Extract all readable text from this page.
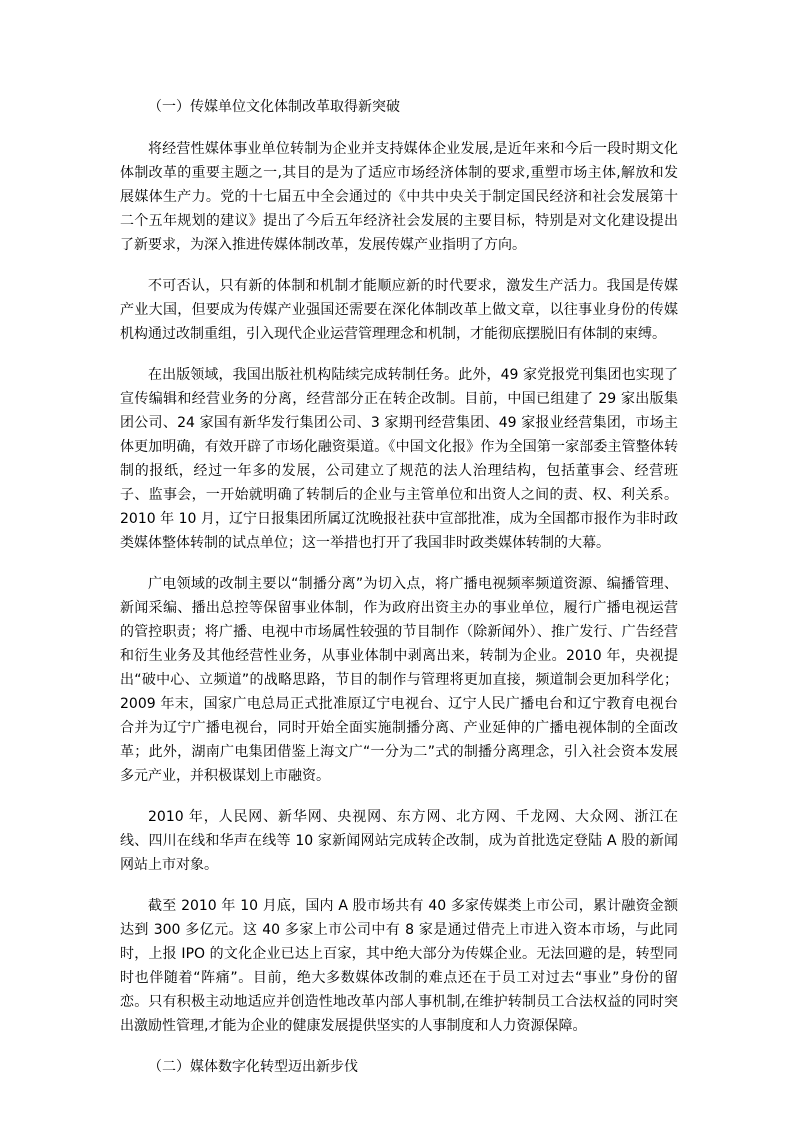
（一）传媒单位文化体制改革取得新突破

将经营性媒体事业单位转制为企业并支持媒体企业发展,是近年来和今后一段时期文化体制改革的重要主题之一,其目的是为了适应市场经济体制的要求,重塑市场主体,解放和发展媒体生产力。党的十七届五中全会通过的《中共中央关于制定国民经济和社会发展第十二个五年规划的建议》提出了今后五年经济社会发展的主要目标，特别是对文化建设提出了新要求，为深入推进传媒体制改革，发展传媒产业指明了方向。

不可否认，只有新的体制和机制才能顺应新的时代要求，激发生产活力。我国是传媒产业大国，但要成为传媒产业强国还需要在深化体制改革上做文章，以往事业身份的传媒机构通过改制重组，引入现代企业运营管理理念和机制，才能彻底摆脱旧有体制的束缚。

在出版领域，我国出版社机构陆续完成转制任务。此外，49 家党报党刊集团也实现了宣传编辑和经营业务的分离，经营部分正在转企改制。目前，中国已组建了 29 家出版集团公司、24 家国有新华发行集团公司、3 家期刊经营集团、49 家报业经营集团，市场主体更加明确，有效开辟了市场化融资渠道。《中国文化报》作为全国第一家部委主管整体转制的报纸，经过一年多的发展，公司建立了规范的法人治理结构，包括董事会、经营班子、监事会，一开始就明确了转制后的企业与主管单位和出资人之间的责、权、利关系。2010 年 10 月，辽宁日报集团所属辽沈晚报社获中宣部批准，成为全国都市报作为非时政类媒体整体转制的试点单位；这一举措也打开了我国非时政类媒体转制的大幕。

广电领域的改制主要以“制播分离”为切入点，将广播电视频率频道资源、编播管理、新闻采编、播出总控等保留事业体制，作为政府出资主办的事业单位，履行广播电视运营的管控职责；将广播、电视中市场属性较强的节目制作（除新闻外）、推广发行、广告经营和衍生业务及其他经营性业务，从事业体制中剥离出来，转制为企业。2010 年，央视提出“破中心、立频道”的战略思路，节目的制作与管理将更加直接，频道制会更加科学化；2009 年末，国家广电总局正式批准原辽宁电视台、辽宁人民广播电台和辽宁教育电视台合并为辽宁广播电视台，同时开始全面实施制播分离、产业延伸的广播电视体制的全面改革；此外，湖南广电集团借鉴上海文广“一分为二”式的制播分离理念，引入社会资本发展多元产业，并积极谋划上市融资。

2010 年，人民网、新华网、央视网、东方网、北方网、千龙网、大众网、浙江在线、四川在线和华声在线等 10 家新闻网站完成转企改制，成为首批选定登陆 A 股的新闻网站上市对象。

截至 2010 年 10 月底，国内 A 股市场共有 40 多家传媒类上市公司，累计融资金额达到 300 多亿元。这 40 多家上市公司中有 8 家是通过借壳上市进入资本市场，与此同时，上报 IPO 的文化企业已达上百家，其中绝大部分为传媒企业。无法回避的是，转型同时也伴随着“阵痛”。目前，绝大多数媒体改制的难点还在于员工对过去“事业”身份的留恋。只有积极主动地适应并创造性地改革内部人事机制,在维护转制员工合法权益的同时突出激励性管理,才能为企业的健康发展提供坚实的人事制度和人力资源保障。

（二）媒体数字化转型迈出新步伐
